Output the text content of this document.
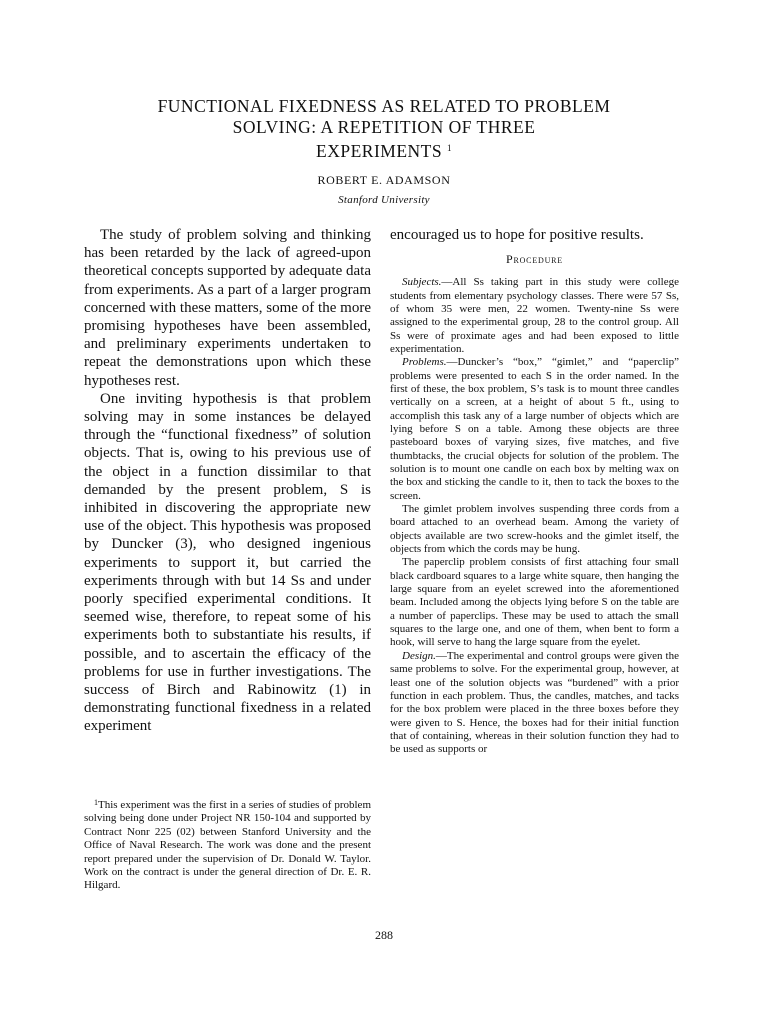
FUNCTIONAL FIXEDNESS AS RELATED TO PROBLEM
SOLVING: A REPETITION OF THREE
EXPERIMENTS $^1$
ROBERT E. ADAMSON
Stanford University

The study of problem solving and thinking has been retarded by the lack of agreed-upon theoretical concepts supported by adequate data from experiments. As a part of a larger program concerned with these matters, some of the more promising hypotheses have been assembled, and preliminary experiments undertaken to repeat the demonstrations upon which these hypotheses rest.

One inviting hypothesis is that problem solving may in some instances be delayed through the “functional fixedness” of solution objects. That is, owing to his previous use of the object in a function dissimilar to that demanded by the present problem, S is inhibited in discovering the appropriate new use of the object. This hypothesis was proposed by Duncker (3), who designed ingenious experiments to support it, but carried the experiments through with but 14 Ss and under poorly specified experimental conditions. It seemed wise, therefore, to repeat some of his experiments both to substantiate his results, if possible, and to ascertain the efficacy of the problems for use in further investigations. The success of Birch and Rabinowitz (1) in demonstrating functional fixedness in a related experiment

$^1$This experiment was the first in a series of studies of problem solving being done under Project NR 150-104 and supported by Contract Nonr 225 (02) between Stanford University and the Office of Naval Research. The work was done and the present report prepared under the supervision of Dr. Donald W. Taylor. Work on the contract is under the general direction of Dr. E. R. Hilgard.

encouraged us to hope for positive results.

Procedure

Subjects.—All Ss taking part in this study were college students from elementary psychology classes. There were 57 Ss, of whom 35 were men, 22 women. Twenty-nine Ss were assigned to the experimental group, 28 to the control group. All Ss were of proximate ages and had been exposed to little experimentation.

Problems.—Duncker’s “box,” “gimlet,” and “paperclip” problems were presented to each S in the order named. In the first of these, the box problem, S’s task is to mount three candles vertically on a screen, at a height of about 5 ft., using to accomplish this task any of a large number of objects which are lying before S on a table. Among these objects are three pasteboard boxes of varying sizes, five matches, and five thumbtacks, the crucial objects for solution of the problem. The solution is to mount one candle on each box by melting wax on the box and sticking the candle to it, then to tack the boxes to the screen.

The gimlet problem involves suspending three cords from a board attached to an overhead beam. Among the variety of objects available are two screw-hooks and the gimlet itself, the objects from which the cords may be hung.

The paperclip problem consists of first attaching four small black cardboard squares to a large white square, then hanging the large square from an eyelet screwed into the aforementioned beam. Included among the objects lying before S on the table are a number of paperclips. These may be used to attach the small squares to the large one, and one of them, when bent to form a hook, will serve to hang the large square from the eyelet.

Design.—The experimental and control groups were given the same problems to solve. For the experimental group, however, at least one of the solution objects was “burdened” with a prior function in each problem. Thus, the candles, matches, and tacks for the box problem were placed in the three boxes before they were given to S. Hence, the boxes had for their initial function that of containing, whereas in their solution function they had to be used as supports or

288
